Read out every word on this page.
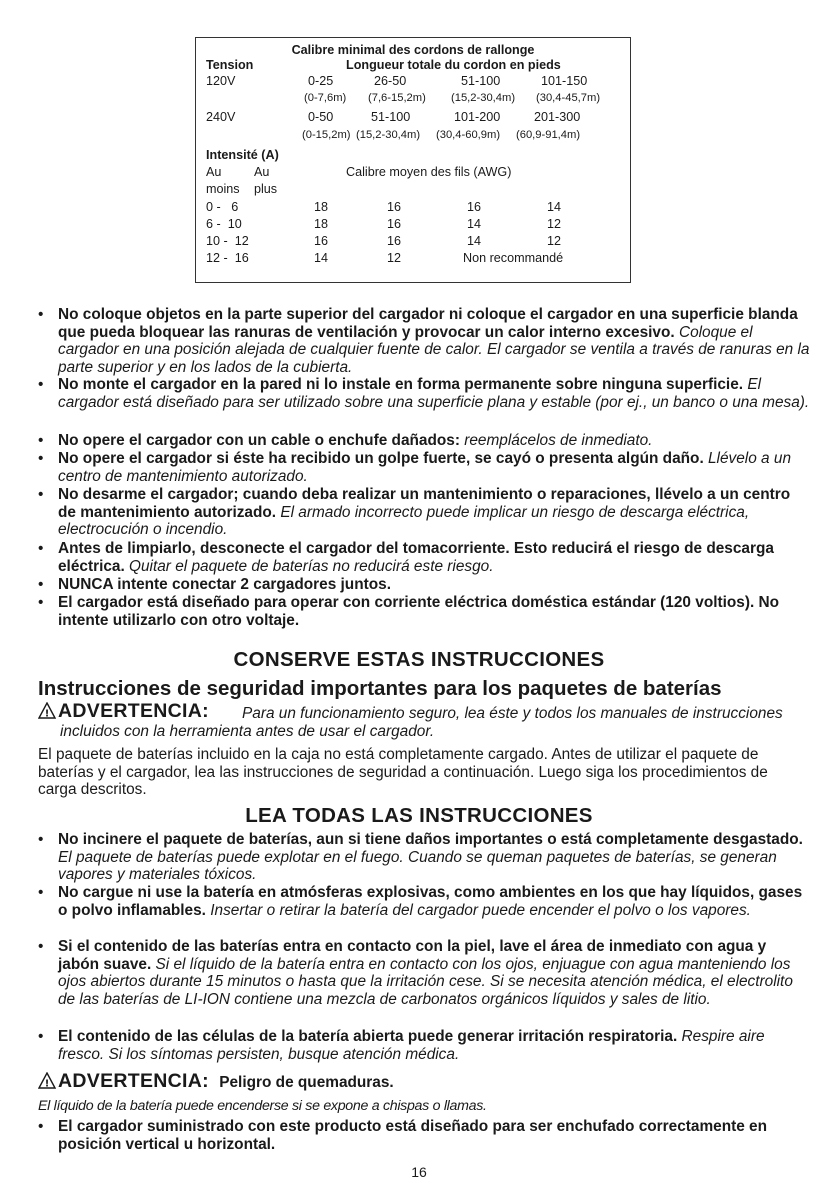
Calibre minimal des cordons de rallonge
Tension	Longueur totale du cordon en pieds
120V	0-25	26-50	51-100	101-150
(0-7,6m) (7,6-15,2m) (15,2-30,4m) (30,4-45,7m)
240V	0-50	51-100	101-200	201-300
(0-15,2m) (15,2-30,4m) (30,4-60,9m) (60,9-91,4m)
Intensité (A)
Au	Au	Calibre moyen des fils (AWG)
moins plus
0 -   6	18	16	16	14
6 -  10	18	16	14	12
10 -  12	16	16	14	12
12 -  16	14	12	Non recommandé
• No coloque objetos en la parte superior del cargador ni coloque el cargador en una superficie blanda que pueda bloquear las ranuras de ventilación y provocar un calor interno excesivo. Coloque el cargador en una posición alejada de cualquier fuente de calor. El cargador se ventila a través de ranuras en la parte superior y en los lados de la cubierta.
• No monte el cargador en la pared ni lo instale en forma permanente sobre ninguna superficie. El cargador está diseñado para ser utilizado sobre una superficie plana y estable (por ej., un banco o una mesa).
• No opere el cargador con un cable o enchufe dañados: reemplácelos de inmediato.
• No opere el cargador si éste ha recibido un golpe fuerte, se cayó o presenta algún daño. Llévelo a un centro de mantenimiento autorizado.
• No desarme el cargador; cuando deba realizar un mantenimiento o reparaciones, llévelo a un centro de mantenimiento autorizado. El armado incorrecto puede implicar un riesgo de descarga eléctrica, electrocución o incendio.
• Antes de limpiarlo, desconecte el cargador del tomacorriente. Esto reducirá el riesgo de descarga eléctrica. Quitar el paquete de baterías no reducirá este riesgo.
• NUNCA intente conectar 2 cargadores juntos.
• El cargador está diseñado para operar con corriente eléctrica doméstica estándar (120 voltios). No intente utilizarlo con otro voltaje.
CONSERVE ESTAS INSTRUCCIONES
Instrucciones de seguridad importantes para los paquetes de baterías
! ADVERTENCIA:	Para un funcionamiento seguro, lea éste y todos los manuales de instrucciones incluidos con la herramienta antes de usar el cargador.
El paquete de baterías incluido en la caja no está completamente cargado. Antes de utilizar el paquete de baterías y el cargador, lea las instrucciones de seguridad a continuación. Luego siga los procedimientos de carga descritos.
LEA TODAS LAS INSTRUCCIONES
• No incinere el paquete de baterías, aun si tiene daños importantes o está completamente desgastado. El paquete de baterías puede explotar en el fuego. Cuando se queman paquetes de baterías, se generan vapores y materiales tóxicos.
• No cargue ni use la batería en atmósferas explosivas, como ambientes en los que hay líquidos, gases o polvo inflamables. Insertar o retirar la batería del cargador puede encender el polvo o los vapores.
• Si el contenido de las baterías entra en contacto con la piel, lave el área de inmediato con agua y jabón suave. Si el líquido de la batería entra en contacto con los ojos, enjuague con agua manteniendo los ojos abiertos durante 15 minutos o hasta que la irritación cese. Si se necesita atención médica, el electrolito de las baterías de LI-ION contiene una mezcla de carbonatos orgánicos líquidos y sales de litio.
• El contenido de las células de la batería abierta puede generar irritación respiratoria. Respire aire fresco. Si los síntomas persisten, busque atención médica.
! ADVERTENCIA: Peligro de quemaduras.
El líquido de la batería puede encenderse si se expone a chispas o llamas.
• El cargador suministrado con este producto está diseñado para ser enchufado correctamente en posición vertical u horizontal.
16
